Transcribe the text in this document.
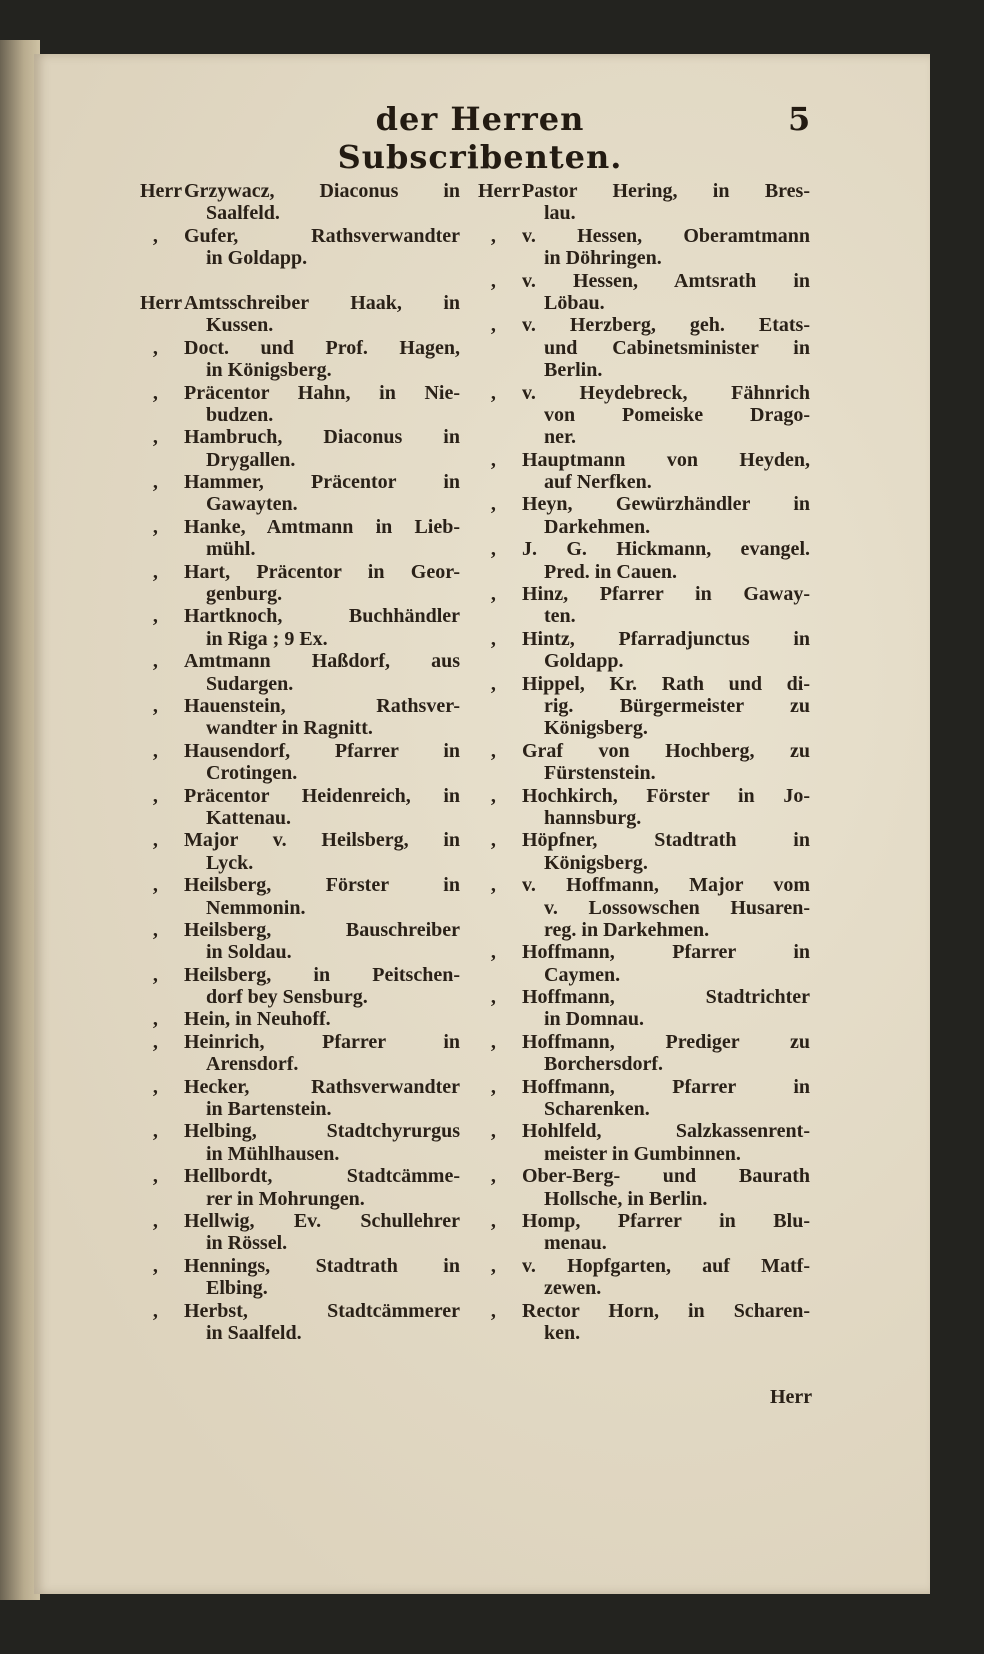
der Herren Subscribenten.
5
Herr Grzywacz, Diaconus in
Saalfeld.
‚ Gufer, Rathsverwandter
in Goldapp.
Herr Amtsschreiber Haak, in
Kussen.
‚ Doct. und Prof. Hagen,
in Königsberg.
‚ Präcentor Hahn, in Nie-
budzen.
‚ Hambruch, Diaconus in
Drygallen.
‚ Hammer, Präcentor in
Gawayten.
‚ Hanke, Amtmann in Lieb-
mühl.
‚ Hart, Präcentor in Geor-
genburg.
‚ Hartknoch, Buchhändler
in Riga ; 9 Ex.
‚ Amtmann Haßdorf, aus
Sudargen.
‚ Hauenstein, Rathsver-
wandter in Ragnitt.
‚ Hausendorf, Pfarrer in
Crotingen.
‚ Präcentor Heidenreich, in
Kattenau.
‚ Major v. Heilsberg, in
Lyck.
‚ Heilsberg, Förster in
Nemmonin.
‚ Heilsberg, Bauschreiber
in Soldau.
‚ Heilsberg, in Peitschen-
dorf bey Sensburg.
‚ Hein, in Neuhoff.
‚ Heinrich, Pfarrer in
Arensdorf.
‚ Hecker, Rathsverwandter
in Bartenstein.
‚ Helbing, Stadtchyrurgus
in Mühlhausen.
‚ Hellbordt, Stadtcämme-
rer in Mohrungen.
‚ Hellwig, Ev. Schullehrer
in Rössel.
‚ Hennings, Stadtrath in
Elbing.
‚ Herbst, Stadtcämmerer
in Saalfeld.
Herr Pastor Hering, in Bres-
lau.
‚ v. Hessen, Oberamtmann
in Döhringen.
‚ v. Hessen, Amtsrath in
Löbau.
‚ v. Herzberg, geh. Etats-
und Cabinetsminister in
Berlin.
‚ v. Heydebreck, Fähnrich
von Pomeiske Drago-
ner.
‚ Hauptmann von Heyden,
auf Nerfken.
‚ Heyn, Gewürzhändler in
Darkehmen.
‚ J. G. Hickmann, evangel.
Pred. in Cauen.
‚ Hinz, Pfarrer in Gaway-
ten.
‚ Hintz, Pfarradjunctus in
Goldapp.
‚ Hippel, Kr. Rath und di-
rig. Bürgermeister zu
Königsberg.
‚ Graf von Hochberg, zu
Fürstenstein.
‚ Hochkirch, Förster in Jo-
hannsburg.
‚ Höpfner, Stadtrath in
Königsberg.
‚ v. Hoffmann, Major vom
v. Lossowschen Husaren-
reg. in Darkehmen.
‚ Hoffmann, Pfarrer in
Caymen.
‚ Hoffmann, Stadtrichter
in Domnau.
‚ Hoffmann, Prediger zu
Borchersdorf.
‚ Hoffmann, Pfarrer in
Scharenken.
‚ Hohlfeld, Salzkassenrent-
meister in Gumbinnen.
‚ Ober-Berg- und Baurath
Hollsche, in Berlin.
‚ Homp, Pfarrer in Blu-
menau.
‚ v. Hopfgarten, auf Matf-
zewen.
‚ Rector Horn, in Scharen-
ken.
Herr
